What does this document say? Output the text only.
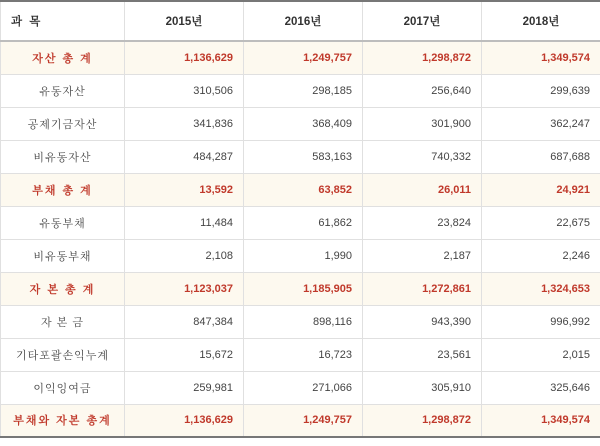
과 목	2015년	2016년	2017년	2018년
자산 총 계	1,136,629	1,249,757	1,298,872	1,349,574
유동자산	310,506	298,185	256,640	299,639
공제기금자산	341,836	368,409	301,900	362,247
비유동자산	484,287	583,163	740,332	687,688
부채 총 계	13,592	63,852	26,011	24,921
유동부채	11,484	61,862	23,824	22,675
비유동부채	2,108	1,990	2,187	2,246
자 본 총 계	1,123,037	1,185,905	1,272,861	1,324,653
자 본 금	847,384	898,116	943,390	996,992
기타포괄손익누계	15,672	16,723	23,561	2,015
이익잉여금	259,981	271,066	305,910	325,646
부채와 자본 총계	1,136,629	1,249,757	1,298,872	1,349,574
